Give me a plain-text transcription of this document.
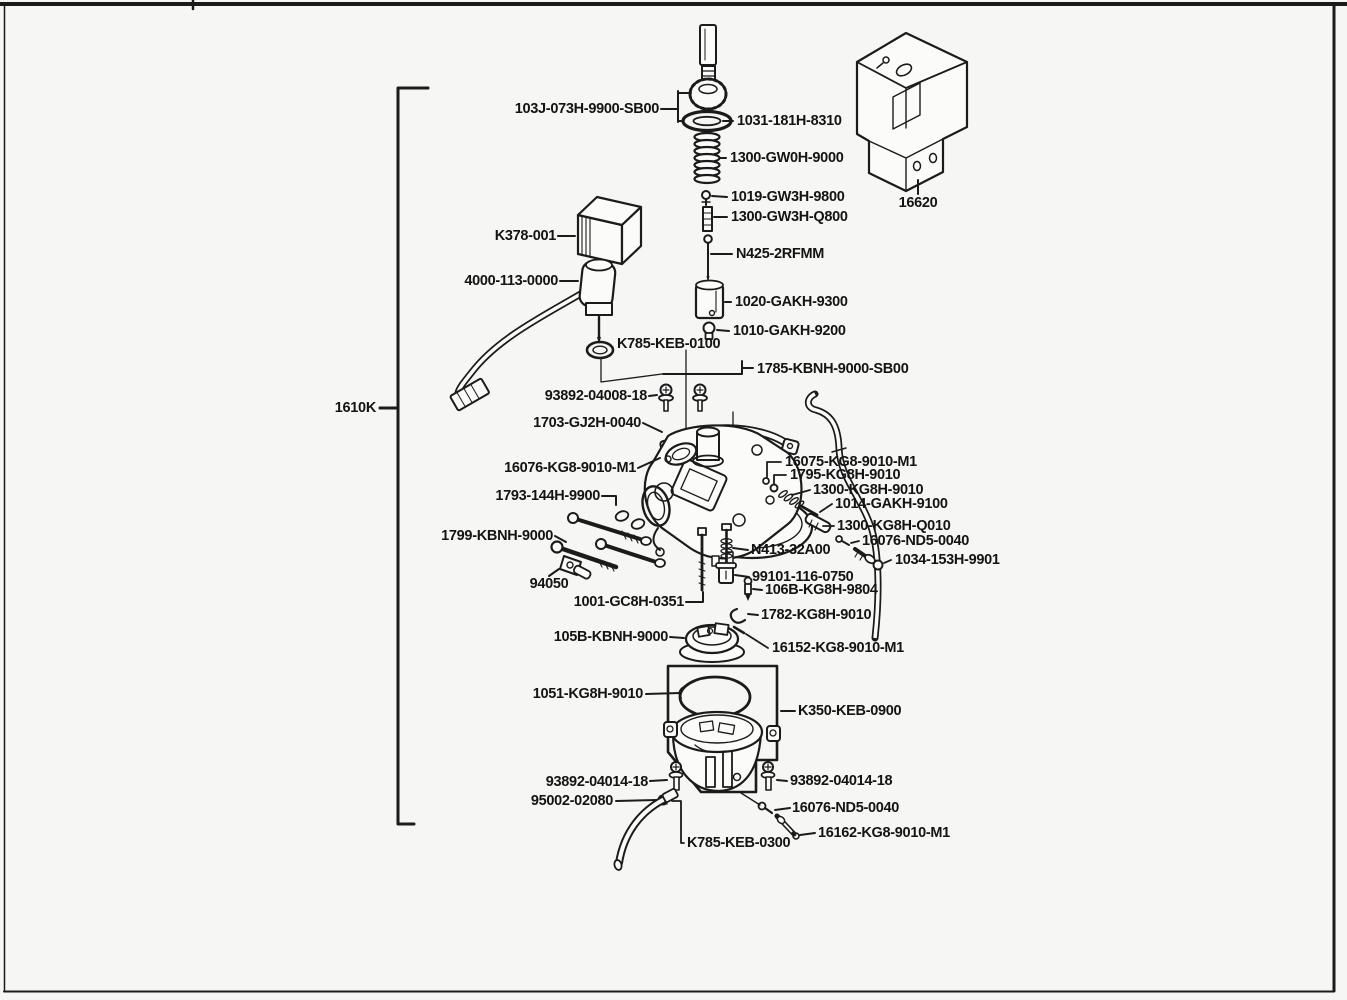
103J-073H-9900-SB00
1031-181H-8310
1300-GW0H-9000
1019-GW3H-9800
1300-GW3H-Q800
N425-2RFMM
1020-GAKH-9300
1010-GAKH-9200
16620
K378-001
4000-113-0000
K785-KEB-0100
1785-KBNH-9000-SB00
93892-04008-18
1703-GJ2H-0040
16076-KG8-9010-M1
1793-144H-9900
1799-KBNH-9000
94050
1001-GC8H-0351
N413-32A00
99101-116-0750
106B-KG8H-9804
1782-KG8H-9010
105B-KBNH-9000
16152-KG8-9010-M1
1051-KG8H-9010
K350-KEB-0900
93892-04014-18	93892-04014-18
95002-02080	16076-ND5-0040
16162-KG8-9010-M1
K785-KEB-0300
1610K
16075-KG8-9010-M1
1795-KG8H-9010
1300-KG8H-9010
1014-GAKH-9100
1300-KG8H-Q010
16076-ND5-0040
1034-153H-9901
